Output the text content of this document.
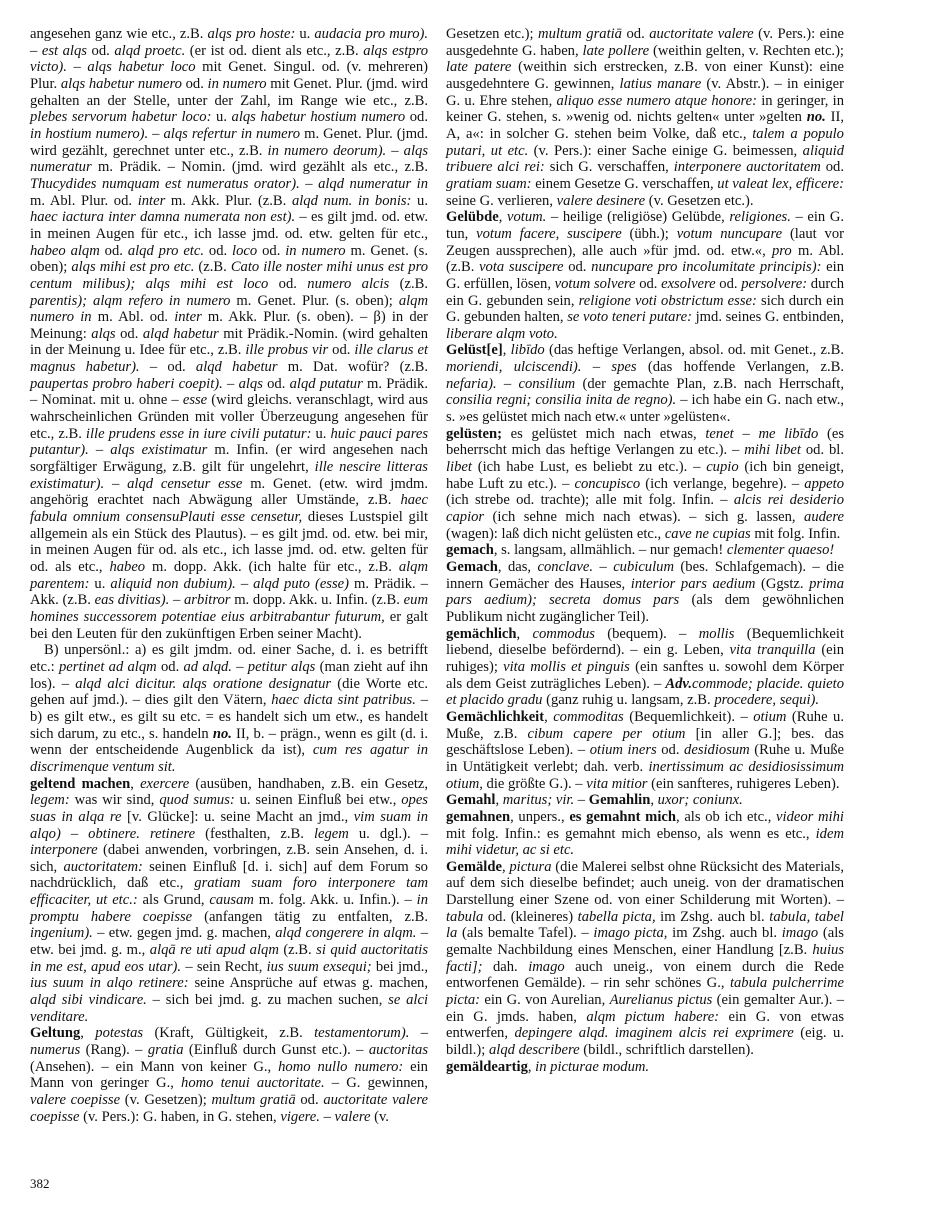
angesehen ganz wie etc., z.B. alqs pro hoste: u. audacia pro muro). – est alqs od. alqd proetc. (er ist od. dient als etc., z.B. alqs estpro victo). – alqs habetur loco mit Genet. Singul. od. (v. mehreren) Plur. alqs habetur numero od. in numero mit Genet. Plur. (jmd. wird gehalten an der Stelle, unter der Zahl, im Range wie etc., z.B. plebes servorum habetur loco: u. alqs habetur hostium numero od. in hostium numero). – alqs refertur in numero m. Genet. Plur. (jmd. wird gezählt, gerechnet unter etc., z.B. in numero deorum). – alqs numeratur m. Prädik. – Nomin. (jmd. wird gezählt als etc., z.B. Thucydides numquam est numeratus orator). – alqd numeratur in m. Abl. Plur. od. inter m. Akk. Plur. (z.B. alqd num. in bonis: u. haec iactura inter damna numerata non est). – es gilt jmd. od. etw. in meinen Augen für etc., ich lasse jmd. od. etw. gelten für etc., habeo alqm od. alqd pro etc. od. loco od. in numero m. Genet. (s. oben); alqs mihi est pro etc. (z.B. Cato ille noster mihi unus est pro centum milibus); alqs mihi est loco od. numero alcis (z.B. parentis); alqm refero in numero m. Genet. Plur. (s. oben); alqm numero in m. Abl. od. inter m. Akk. Plur. (s. oben). – β) in der Meinung: alqs od. alqd habetur mit Prädik.-Nomin. (wird gehalten in der Meinung u. Idee für etc., z.B. ille probus vir od. ille clarus et magnus habetur). – od. alqd habetur m. Dat. wofür? (z.B. paupertas probro haberi coepit). – alqs od. alqd putatur m. Prädik. – Nominat. mit u. ohne – esse (wird gleichs. veranschlagt, wird aus wahrscheinlichen Gründen mit voller Überzeugung angesehen für etc., z.B. ille prudens esse in iure civili putatur: u. huic pauci pares putantur). – alqs existimatur m. Infin. (er wird angesehen nach sorgfältiger Erwägung, z.B. gilt für ungelehrt, ille nescire litteras existimatur). – alqd censetur esse m. Genet. (etw. wird jmdm. angehörig erachtet nach Abwägung aller Umstände, z.B. haec fabula omnium consensuPlauti esse censetur, dieses Lustspiel gilt allgemein als ein Stück des Plautus). – es gilt jmd. od. etw. bei mir, in meinen Augen für od. als etc., ich lasse jmd. od. etw. gelten für od. als etc., habeo m. dopp. Akk. (ich halte für etc., z.B. alqm parentem: u. aliquid non dubium). – alqd puto (esse) m. Prädik. – Akk. (z.B. eas divitias). – arbitror m. dopp. Akk. u. Infin. (z.B. eum homines successorem potentiae eius arbitrabantur futurum, er galt bei den Leuten für den zukünftigen Erben seiner Macht).

B) unpersönl.: a) es gilt jmdm. od. einer Sache, d. i. es betrifft etc.: pertinet ad alqm od. ad alqd. – petitur alqs (man zieht auf ihn los). – alqd alci dicitur. alqs oratione designatur (die Worte etc. gehen auf jmd.). – dies gilt den Vätern, haec dicta sint patribus. – b) es gilt etw., es gilt su etc. = es handelt sich um etw., es handelt sich darum, zu etc., s. handeln no. II, b. – prägn., wenn es gilt (d. i. wenn der entscheidende Augenblick da ist), cum res agatur in discrimenque ventum sit.

geltend machen, exercere (ausüben, handhaben, z.B. ein Gesetz, legem: was wir sind, quod sumus: u. seinen Einfluß bei etw., opes suas in alqa re [v. Glücke]: u. seine Macht an jmd., vim suam in alqo) – obtinere. retinere (festhalten, z.B. legem u. dgl.). – interponere (dabei anwenden, vorbringen, z.B. sein Ansehen, d. i. sich, auctoritatem: seinen Einfluß [d. i. sich] auf dem Forum so nachdrücklich, daß etc., gratiam suam foro interponere tam efficaciter, ut etc.: als Grund, causam m. folg. Akk. u. Infin.). – in promptu habere coepisse (anfangen tätig zu entfalten, z.B. ingenium). – etw. gegen jmd. g. machen, alqd congerere in alqm. – etw. bei jmd. g. m., alqā re uti apud alqm (z.B. si quid auctoritatis in me est, apud eos utar). – sein Recht, ius suum exsequi; bei jmd., ius suum in alqo retinere: seine Ansprüche auf etwas g. machen, alqd sibi vindicare. – sich bei jmd. g. zu machen suchen, se alci venditare.

Geltung, potestas (Kraft, Gültigkeit, z.B. testamentorum). – numerus (Rang). – gratia (Einfluß durch Gunst etc.). – auctoritas (Ansehen). – ein Mann von keiner G., homo nullo numero: ein Mann von geringer G., homo tenui auctoritate. – G. gewinnen, valere coepisse (v. Gesetzen); multum gratiā od. auctoritate valere coepisse (v. Pers.): G. haben, in G. stehen, vigere. – valere (v.

Gesetzen etc.); multum gratiā od. auctoritate valere (v. Pers.): eine ausgedehnte G. haben, late pollere (weithin gelten, v. Rechten etc.); late patere (weithin sich erstrecken, z.B. von einer Kunst): eine ausgedehntere G. gewinnen, latius manare (v. Abstr.). – in einiger G. u. Ehre stehen, aliquo esse numero atque honore: in geringer, in keiner G. stehen, s. »wenig od. nichts gelten« unter »gelten no. II, A, a«: in solcher G. stehen beim Volke, daß etc., talem a populo putari, ut etc. (v. Pers.): einer Sache einige G. beimessen, aliquid tribuere alci rei: sich G. verschaffen, interponere auctoritatem od. gratiam suam: einem Gesetze G. verschaffen, ut valeat lex, efficere: seine G. verlieren, valere desinere (v. Gesetzen etc.).

Gelübde, votum. – heilige (religiöse) Gelübde, religiones. – ein G. tun, votum facere, suscipere (übh.); votum nuncupare (laut vor Zeugen aussprechen), alle auch »für jmd. od. etw.«, pro m. Abl. (z.B. vota suscipere od. nuncupare pro incolumitate principis): ein G. erfüllen, lösen, votum solvere od. exsolvere od. persolvere: durch ein G. gebunden sein, religione voti obstrictum esse: sich durch ein G. gebunden halten, se voto teneri putare: jmd. seines G. entbinden, liberare alqm voto.

Gelüst[e], libīdo (das heftige Verlangen, absol. od. mit Genet., z.B. moriendi, ulciscendi). – spes (das hoffende Verlangen, z.B. nefaria). – consilium (der gemachte Plan, z.B. nach Herrschaft, consilia regni; consilia inita de regno). – ich habe ein G. nach etw., s. »es gelüstet mich nach etw.« unter »gelüsten«.

gelüsten; es gelüstet mich nach etwas, tenet – me libīdo (es beherrscht mich das heftige Verlangen zu etc.). – mihi libet od. bl. libet (ich habe Lust, es beliebt zu etc.). – cupio (ich bin geneigt, habe Luft zu etc.). – concupisco (ich verlange, begehre). – appeto (ich strebe od. trachte); alle mit folg. Infin. – alcis rei desiderio capior (ich sehne mich nach etwas). – sich g. lassen, audere (wagen): laß dich nicht gelüsten etc., cave ne cupias mit folg. Infin.

gemach, s. langsam, allmählich. – nur gemach! clementer quaeso!

Gemach, das, conclave. – cubiculum (bes. Schlafgemach). – die innern Gemächer des Hauses, interior pars aedium (Ggstz. prima pars aedium); secreta domus pars (als dem gewöhnlichen Publikum nicht zugänglicher Teil).

gemächlich, commodus (bequem). – mollis (Bequemlichkeit liebend, dieselbe befördernd). – ein g. Leben, vita tranquilla (ein ruhiges); vita mollis et pinguis (ein sanftes u. sowohl dem Körper als dem Geist zuträgliches Leben). – Adv.commode; placide. quieto et placido gradu (ganz ruhig u. langsam, z.B. procedere, sequi).

Gemächlichkeit, commoditas (Bequemlichkeit). – otium (Ruhe u. Muße, z.B. cibum capere per otium [in aller G.]; bes. das geschäftslose Leben). – otium iners od. desidiosum (Ruhe u. Muße in Untätigkeit verlebt; dah. verb. inertissimum ac desidiosissimum otium, die größte G.). – vita mitior (ein sanfteres, ruhigeres Leben).

Gemahl, maritus; vir. – Gemahlin, uxor; coniunx.

gemahnen, unpers., es gemahnt mich, als ob ich etc., videor mihi mit folg. Infin.: es gemahnt mich ebenso, als wenn es etc., idem mihi videtur, ac si etc.

Gemälde, pictura (die Malerei selbst ohne Rücksicht des Materials, auf dem sich dieselbe befindet; auch uneig. von der dramatischen Darstellung einer Szene od. von einer Schilderung mit Worten). – tabula od. (kleineres) tabella picta, im Zshg. auch bl. tabula, tabel la (als bemalte Tafel). – imago picta, im Zshg. auch bl. imago (als gemalte Nachbildung eines Menschen, einer Handlung [z.B. huius facti]; dah. imago auch uneig., von einem durch die Rede entworfenen Gemälde). – rin sehr schönes G., tabula pulcherrime picta: ein G. von Aurelian, Aurelianus pictus (ein gemalter Aur.). – ein G. jmds. haben, alqm pictum habere: ein G. von etwas entwerfen, depingere alqd. imaginem alcis rei exprimere (eig. u. bildl.); alqd describere (bildl., schriftlich darstellen).

gemäldeartig, in picturae modum.

382
